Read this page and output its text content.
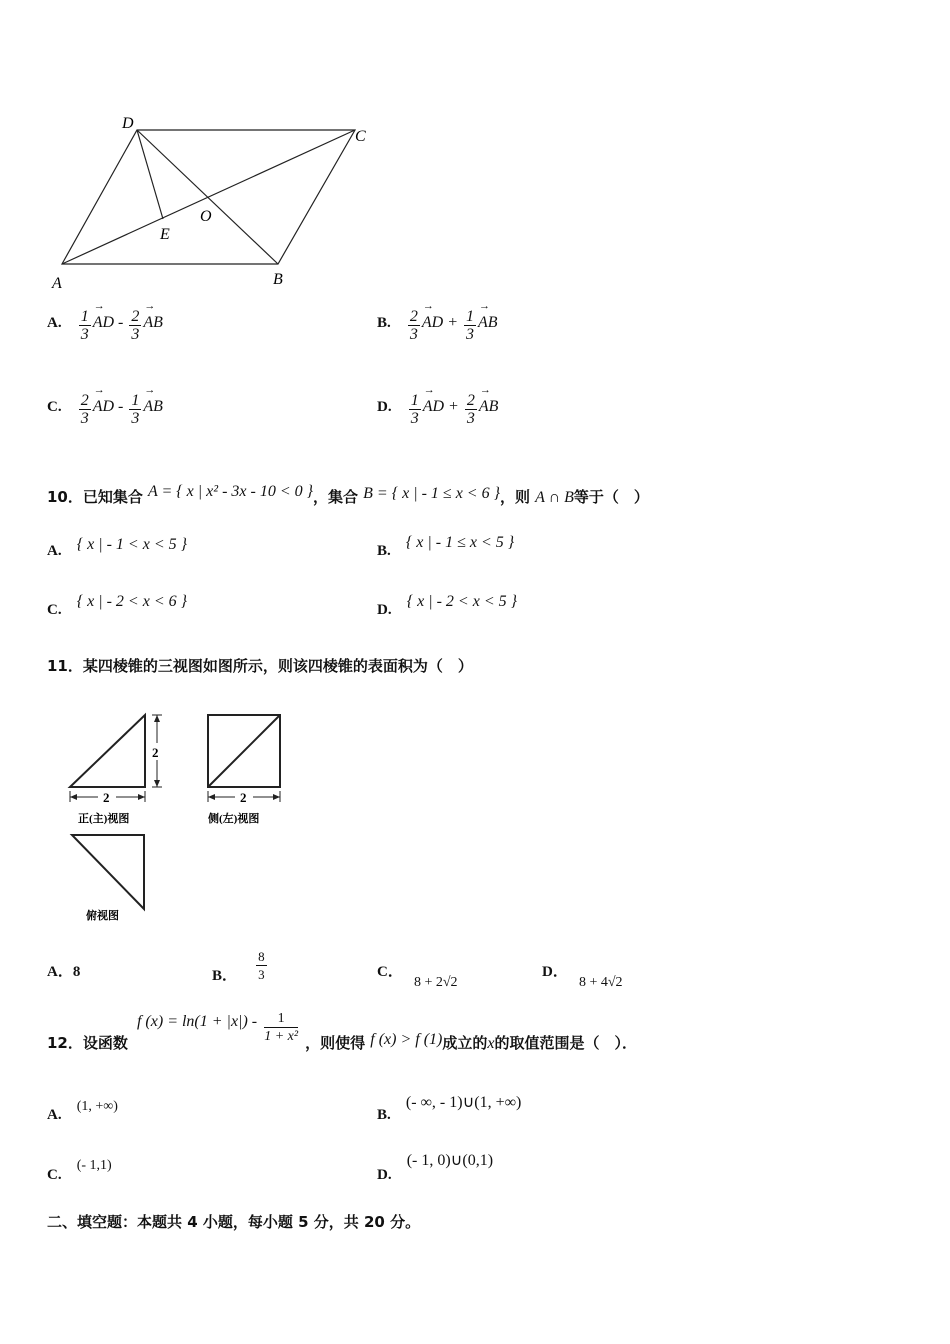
D
C
O
E
A	B
A. $\frac{1}{3}$ → AD - $\frac{2}{3}$ → AB	B. $\frac{2}{3}$ → AD + $\frac{1}{3}$ → AB
C. $\frac{2}{3}$ → AD - $\frac{1}{3}$ → AB	D. $\frac{1}{3}$ → AD + $\frac{2}{3}$ → AB
10．已知集合 A = { x | x² - 3x - 10 < 0 }，集合 B = { x | - 1 ≤ x < 6 }，则 A ∩ B等于（　）
A. { x | - 1 < x < 5 }	B. { x | - 1 ≤ x < 5 }
C. { x | - 2 < x < 6 }	D. { x | - 2 < x < 5 }
11．某四棱锥的三视图如图所示，则该四棱锥的表面积为（　）
2
2	2
正(主)视图	侧(左)视图
俯视图
A．8	B． $\frac{8}{3}$	C． 8 + 2√2
D． 8 + 4√2
12．设函数 f $(x) = \ln(1 + |x|) - \frac{1}{\text{1 + x²}}$ ，则使得 f (x) > f (1)成立的x的取值范围是（　）．
A. (1, +∞)
B. (- ∞, - 1)∪(1, +∞)
C. (- 1,1)
D. (- 1, 0)∪(0,1)
二、填空题：本题共 4 小题，每小题 5 分，共 20 分。
